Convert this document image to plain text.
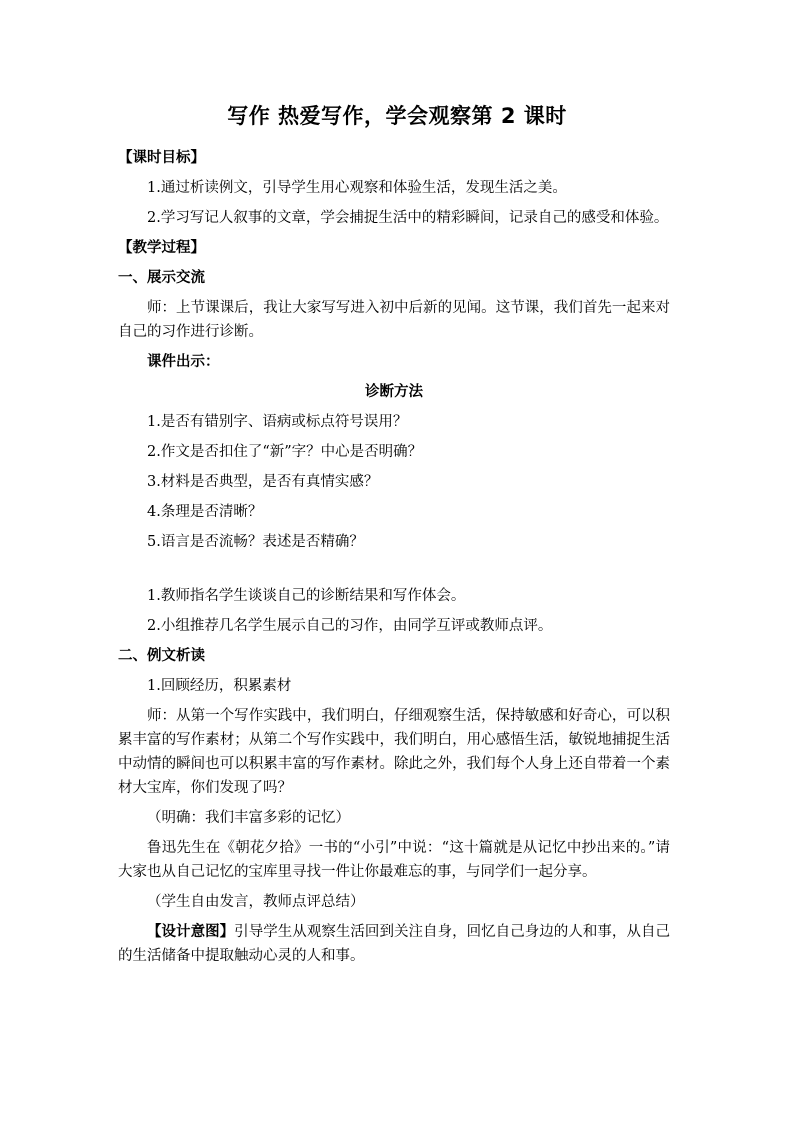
写作 热爱写作，学会观察第 2 课时

【课时目标】

1.通过析读例文，引导学生用心观察和体验生活，发现生活之美。

2.学习写记人叙事的文章，学会捕捉生活中的精彩瞬间，记录自己的感受和体验。

【教学过程】

一、展示交流

师：上节课课后，我让大家写写进入初中后新的见闻。这节课，我们首先一起来对自己的习作进行诊断。

课件出示：

诊断方法

1.是否有错别字、语病或标点符号误用？

2.作文是否扣住了“新”字？中心是否明确？

3.材料是否典型，是否有真情实感？

4.条理是否清晰？

5.语言是否流畅？表述是否精确？

1.教师指名学生谈谈自己的诊断结果和写作体会。

2.小组推荐几名学生展示自己的习作，由同学互评或教师点评。

二、例文析读

1.回顾经历，积累素材

师：从第一个写作实践中，我们明白，仔细观察生活，保持敏感和好奇心，可以积累丰富的写作素材；从第二个写作实践中，我们明白，用心感悟生活，敏锐地捕捉生活中动情的瞬间也可以积累丰富的写作素材。除此之外，我们每个人身上还自带着一个素材大宝库，你们发现了吗？

（明确：我们丰富多彩的记忆）

鲁迅先生在《朝花夕拾》一书的“小引”中说：“这十篇就是从记忆中抄出来的。”请大家也从自己记忆的宝库里寻找一件让你最难忘的事，与同学们一起分享。

（学生自由发言，教师点评总结）

【设计意图】引导学生从观察生活回到关注自身，回忆自己身边的人和事，从自己的生活储备中提取触动心灵的人和事。
